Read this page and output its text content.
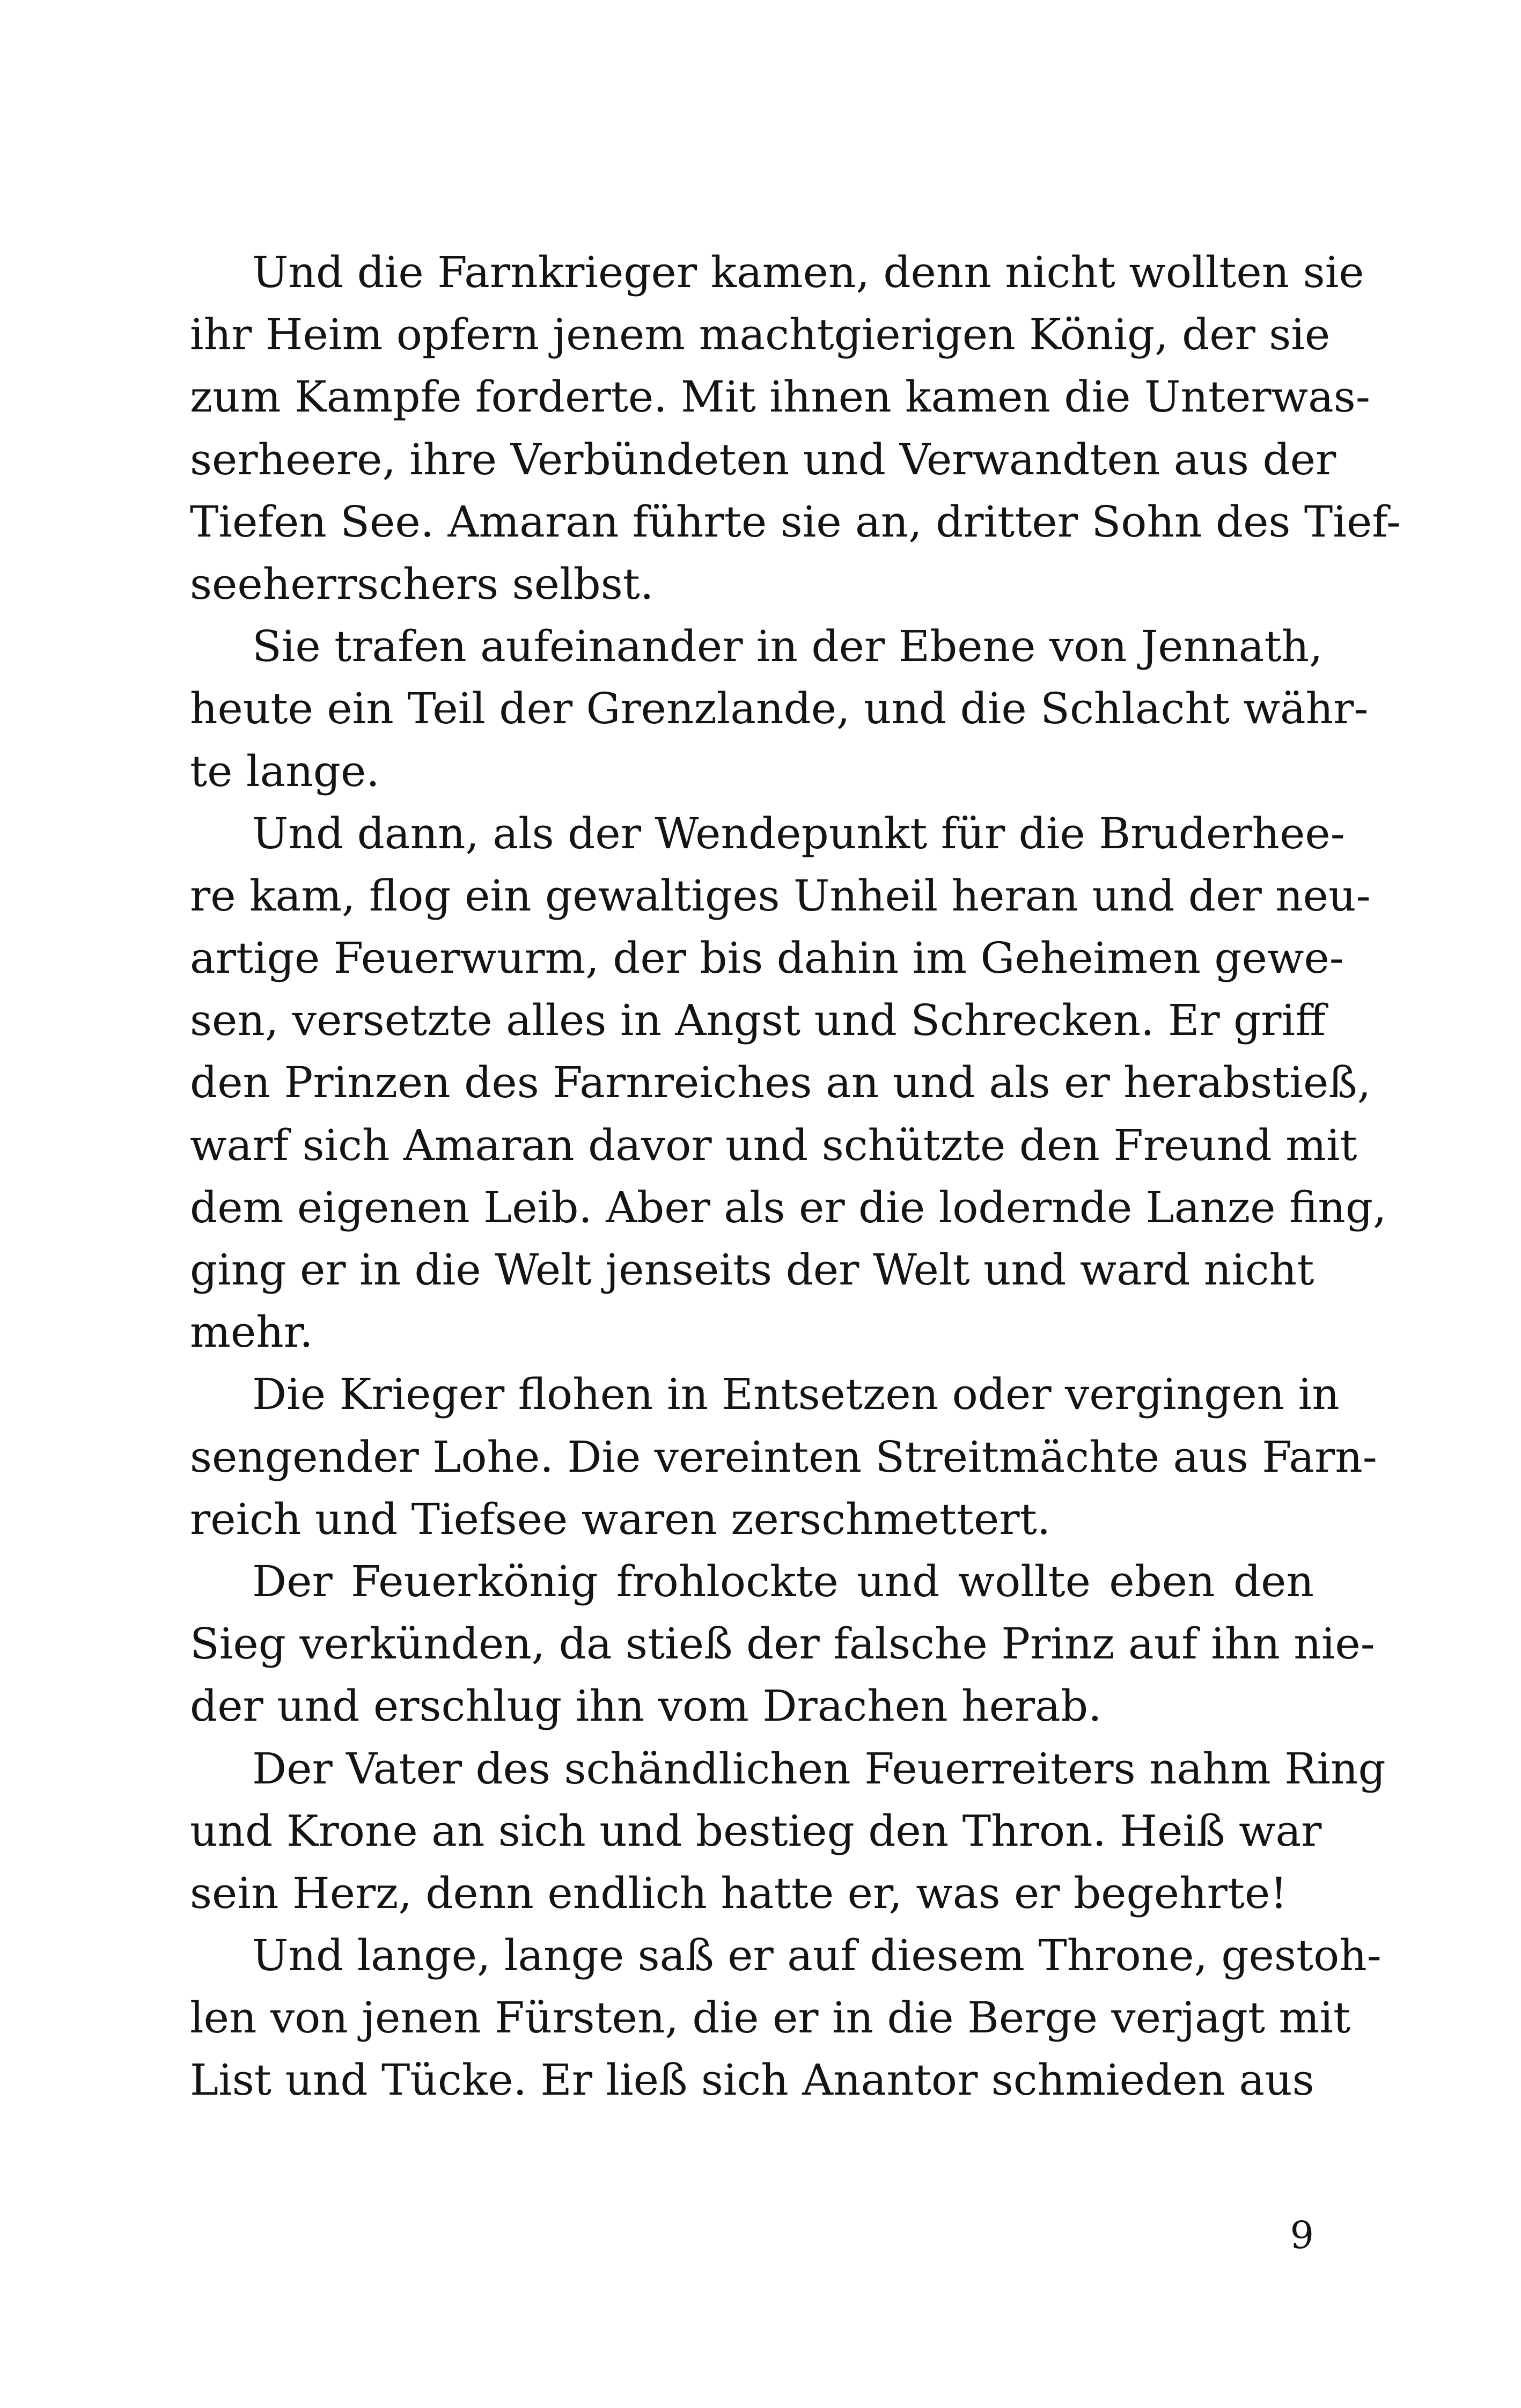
Und die Farnkrieger kamen, denn nicht wollten sie
ihr Heim opfern jenem machtgierigen König, der sie
zum Kampfe forderte. Mit ihnen kamen die Unterwas-
serheere, ihre Verbündeten und Verwandten aus der
Tiefen See. Amaran führte sie an, dritter Sohn des Tief-
seeherrschers selbst.
Sie trafen aufeinander in der Ebene von Jennath,
heute ein Teil der Grenzlande, und die Schlacht währ-
te lange.
Und dann, als der Wendepunkt für die Bruderhee-
re kam, flog ein gewaltiges Unheil heran und der neu-
artige Feuerwurm, der bis dahin im Geheimen gewe-
sen, versetzte alles in Angst und Schrecken. Er griff
den Prinzen des Farnreiches an und als er herabstieß,
warf sich Amaran davor und schützte den Freund mit
dem eigenen Leib. Aber als er die lodernde Lanze fing,
ging er in die Welt jenseits der Welt und ward nicht
mehr.
Die Krieger flohen in Entsetzen oder vergingen in
sengender Lohe. Die vereinten Streitmächte aus Farn-
reich und Tiefsee waren zerschmettert.
Der Feuerkönig frohlockte und wollte eben den
Sieg verkünden, da stieß der falsche Prinz auf ihn nie-
der und erschlug ihn vom Drachen herab.
Der Vater des schändlichen Feuerreiters nahm Ring
und Krone an sich und bestieg den Thron. Heiß war
sein Herz, denn endlich hatte er, was er begehrte!
Und lange, lange saß er auf diesem Throne, gestoh-
len von jenen Fürsten, die er in die Berge verjagt mit
List und Tücke. Er ließ sich Anantor schmieden aus
9
